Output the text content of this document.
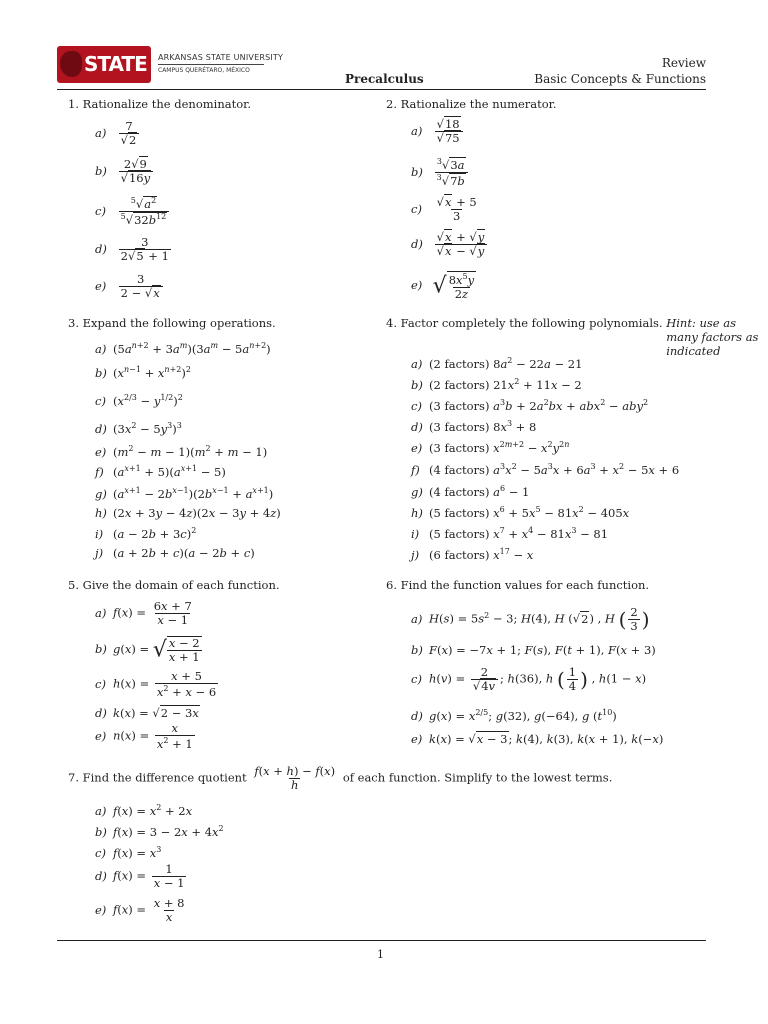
STATE ARKANSAS STATE UNIVERSITY
CAMPUS QUERÉTARO, MÉXICO
Precalculus
Review
Basic Concepts & Functions
1. Rationalize the denominator.
$a) \frac{7}{√2}$
$b) \frac{2√9}{√16y}$
$c) \frac{^5√a^2}{^5√32b^{12}}$
$d) \frac{3}{2√5 + 1}$
$e) \frac{3}{2 - √x}$
2. Rationalize the numerator.
$a) \frac{√18}{√75}$
$b) \frac{^3√3a}{^3√7b}$
$c) \frac{√x + 5}{3}$
$d) \frac{√x + √y}{√x - √y}$
e) √ $\frac{8x^5y}{2z}$
3. Expand the following operations.
a) $(5a^{n+2} + 3a^m)(3a^m - 5a^{n+2})$
b) $(x^{n-1} + x^{n+2})^2$
c) $(x^{2/3} - y^{1/2})^2$
d) $(3x^2 - 5y^3)^3$
e) $(m^2 - m - 1)(m^2 + m - 1)$
f) $(a^{x+1} + 5)(a^{x+1} - 5)$
g) $(a^{x+1} - 2b^{x-1})(2b^{x-1} + a^{x+1})$
h) (2x + 3y − 4z)(2x − 3y + 4z)
i) $(a - 2b + 3c)^2$
j) (a + 2b + c)(a − 2b + c)
4. Factor completely the following polynomials. Hint: use as many factors as indicated
a) (2 factors) $8a^2 - 22a - 21$
b) (2 factors) $21x^2 + 11x - 2$
c) (3 factors) $a^3b + 2a^2bx + abx^2 - aby^2$
d) (3 factors) $8x^3 + 8$
e) (3 factors) $x^{2m+2} - x^2y^{2n}$
f) (4 factors) $a^3x^2 - 5a^3x + 6a^3 + x^2 - 5x + 6$
g) (4 factors) $a^6 - 1$
h) (5 factors) $x^6 + 5x^5 - 81x^2 - 405x$
i) (5 factors) $x^7 + x^4 - 81x^3 - 81$
j) (6 factors) $x^{17} - x$
5. Give the domain of each function.
a) $f(x) = \frac{6x + 7}{x - 1}$
b) g(x) = √ $\frac{x - 2}{x + 1}$
c) $h(x) = \frac{x + 5}{x^2 + x - 6}$
d) k(x) = √2 − 3x
e) $n(x) = \frac{x}{x^2 + 1}$
6. Find the function values for each function.
a) $H(s) = 5s^2 - 3$; H(4), H (√2) , H ( $\frac{2}{3}$ )
b) F(x) = −7x + 1; F(s), F(t + 1), F(x + 3)
c) $h(v) = \frac{2}{√4v}$ ; h(36), h ( $\frac{1}{4}$ ) , h(1 − x)
d) $g(x) = x^{2/5}$; g(32), g(−64), g $(t^{10})$
e) k(x) = √x − 3; k(4), k(3), k(x + 1), k(−x)
7. Find the difference quotient $\frac{f(x + h) - f(x)}{h}$ of each function. Simplify to the lowest terms.
a) $f(x) = x^2 + 2x$
b) $f(x) = 3 - 2x + 4x^2$
c) $f(x) = x^3$
d) $f(x) = \frac{1}{x - 1}$
e) $f(x) = \frac{x + 8}{x}$
1
